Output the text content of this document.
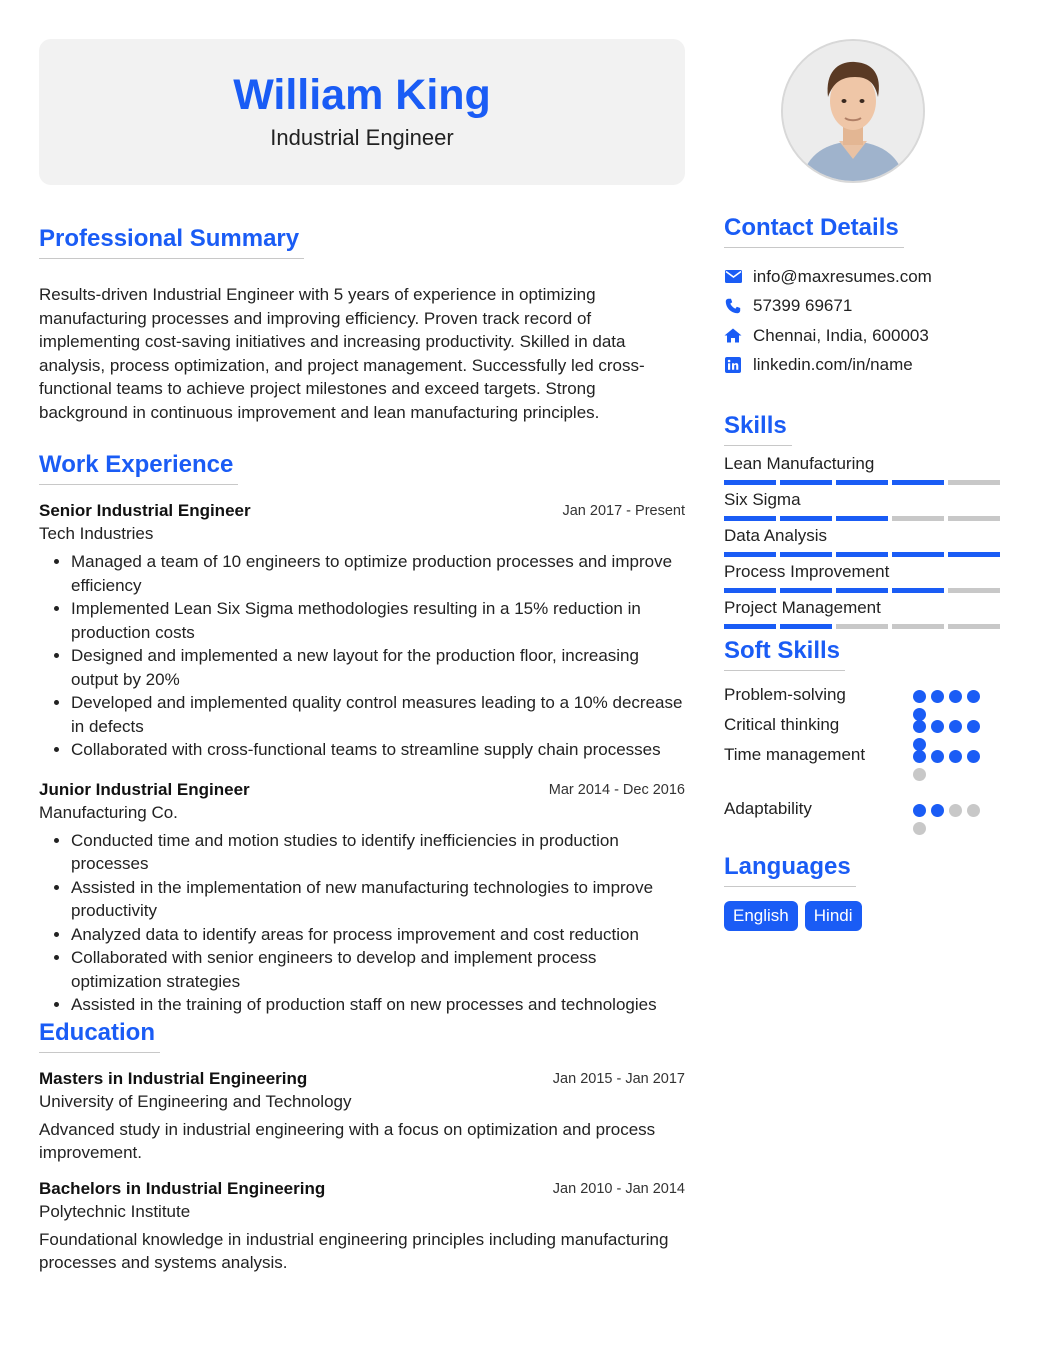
William King
Industrial Engineer
Professional Summary

Results-driven Industrial Engineer with 5 years of experience in optimizing manufacturing processes and improving efficiency. Proven track record of implementing cost-saving initiatives and increasing productivity. Skilled in data analysis, process optimization, and project management. Successfully led cross-functional teams to achieve project milestones and exceed targets. Strong background in continuous improvement and lean manufacturing principles.

Work Experience
Senior Industrial Engineer	Jan 2017 - Present
Tech Industries
• Managed a team of 10 engineers to optimize production processes and improve efficiency
• Implemented Lean Six Sigma methodologies resulting in a 15% reduction in production costs
• Designed and implemented a new layout for the production floor, increasing output by 20%
• Developed and implemented quality control measures leading to a 10% decrease in defects
• Collaborated with cross-functional teams to streamline supply chain processes
Junior Industrial Engineer	Mar 2014 - Dec 2016
Manufacturing Co.
• Conducted time and motion studies to identify inefficiencies in production processes
• Assisted in the implementation of new manufacturing technologies to improve productivity
• Analyzed data to identify areas for process improvement and cost reduction
• Collaborated with senior engineers to develop and implement process optimization strategies
• Assisted in the training of production staff on new processes and technologies
Education
Masters in Industrial Engineering	Jan 2015 - Jan 2017
University of Engineering and Technology

Advanced study in industrial engineering with a focus on optimization and process improvement.

Bachelors in Industrial Engineering	Jan 2010 - Jan 2014
Polytechnic Institute

Foundational knowledge in industrial engineering principles including manufacturing processes and systems analysis.

Contact Details
info@maxresumes.com
57399 69671
Chennai, India, 600003
linkedin.com/in/name
Skills
Lean Manufacturing
Six Sigma
Data Analysis
Process Improvement
Project Management
Soft Skills
Problem-solving
Critical thinking
Time management
Adaptability
Languages
English	Hindi
